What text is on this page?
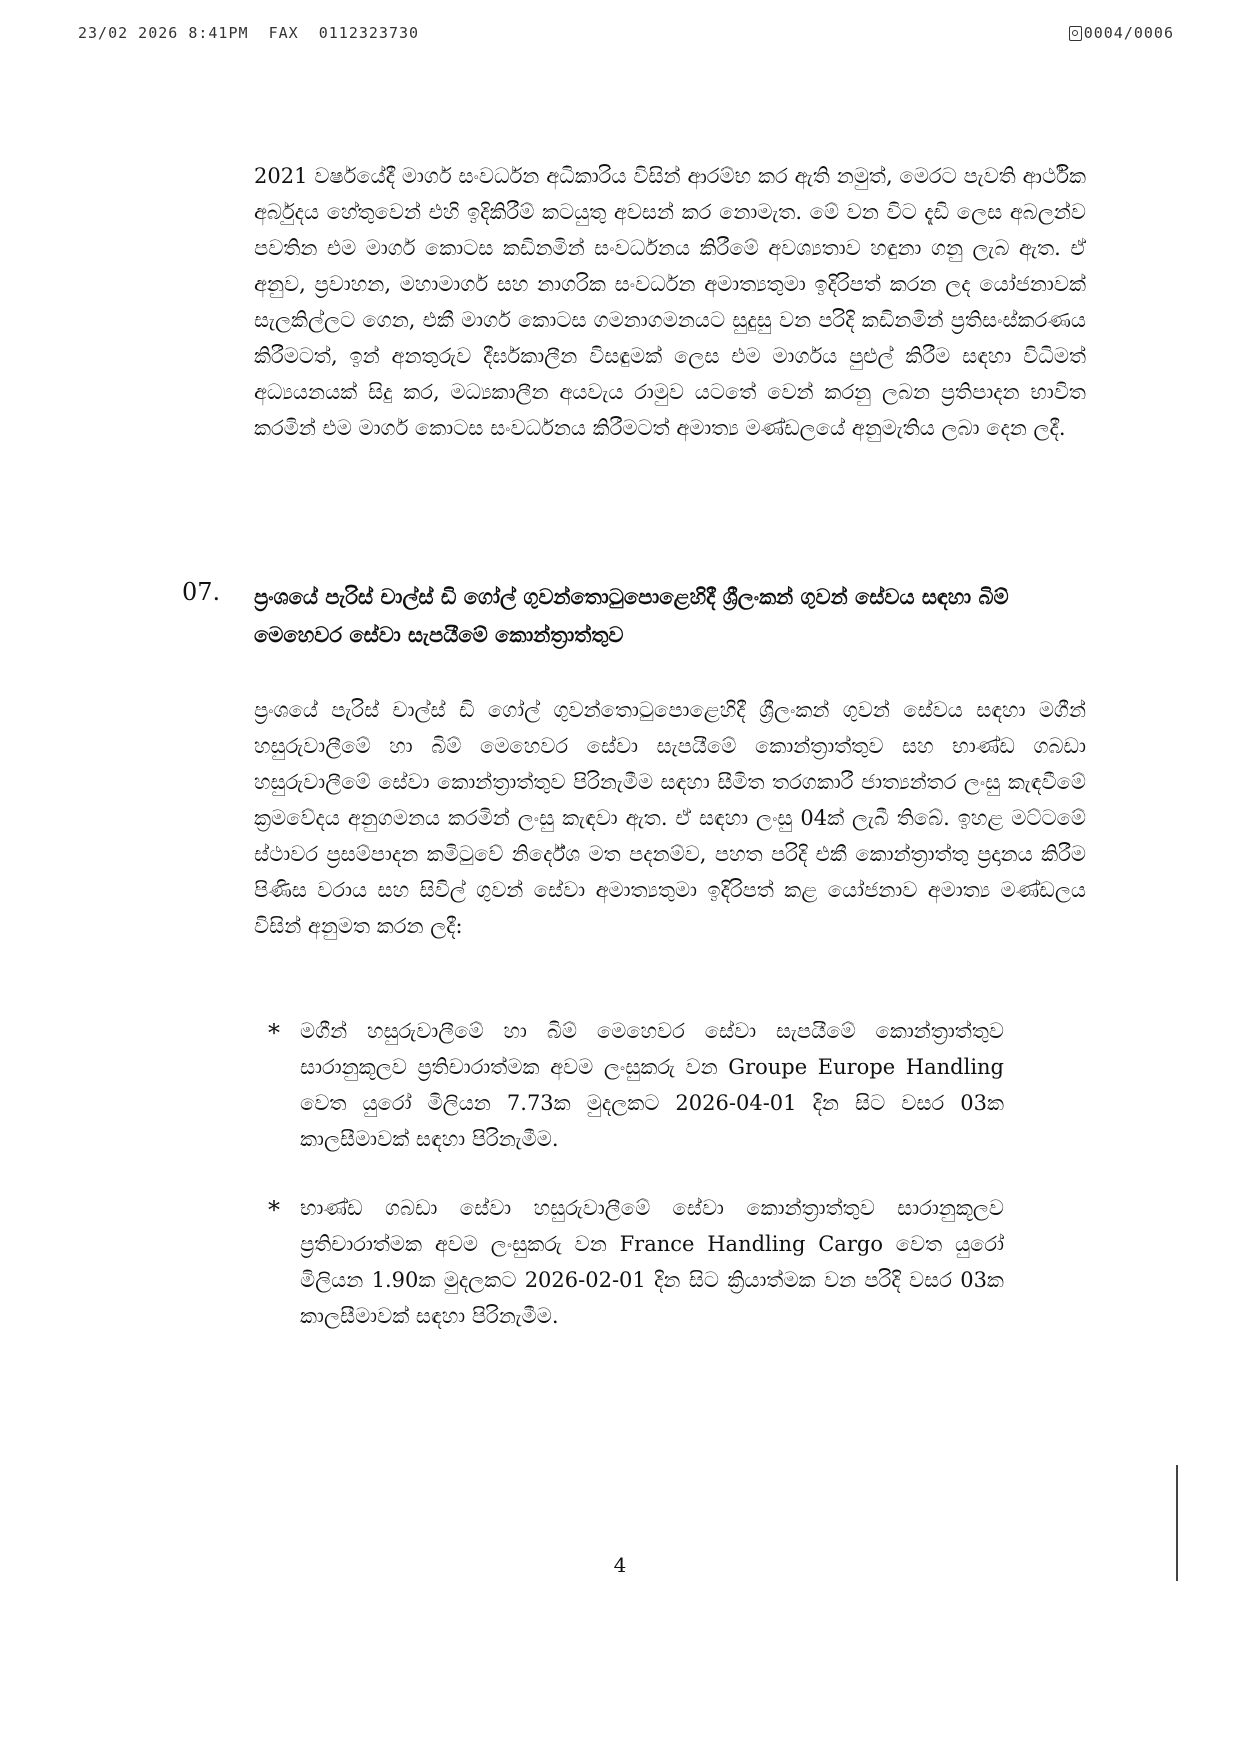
23/02 2026 8:41PM FAX 0112323730	0004/0006

2021 වර්ෂයේදී මාර්ග සංවර්ධන අධිකාරිය විසින් ආරම්භ කර ඇති නමුත්, මෙරට පැවති ආර්ථික අර්බුදය හේතුවෙන් එහි ඉදිකිරීම් කටයුතු අවසන් කර නොමැත. මේ වන විට දැඩි ලෙස අබලන්ව පවතින එම මාර්ග කොටස කඩිනමින් සංවර්ධනය කිරීමේ අවශ්‍යතාව හඳුනා ගනු ලැබ ඇත. ඒ අනුව, ප්‍රවාහන, මහාමාර්ග සහ නාගරික සංවර්ධන අමාත්‍යතුමා ඉදිරිපත් කරන ලද යෝජනාවක් සැලකිල්ලට ගෙන, එකී මාර්ග කොටස ගමනාගමනයට සුදුසු වන පරිදි කඩිනමින් ප්‍රතිසංස්කරණය කිරීමටත්, ඉන් අනතුරුව දීර්ඝකාලීන විසඳුමක් ලෙස එම මාර්ගය පුළුල් කිරීම සඳහා විධිමත් අධ්‍යයනයක් සිදු කර, මධ්‍යකාලීන අයවැය රාමුව යටතේ වෙන් කරනු ලබන ප්‍රතිපාදන භාවිත කරමින් එම මාර්ග කොටස සංවර්ධනය කිරීමටත් අමාත්‍ය මණ්ඩලයේ අනුමැතිය ලබා දෙන ලදී.

07. ප්‍රංශයේ පැරිස් චාල්ස් ඩි ගෝල් ගුවන්තොටුපොළෙහිදී ශ්‍රීලංකන් ගුවන් සේවය සඳහා බිම් මෙහෙවර සේවා සැපයීමේ කොන්ත්‍රාත්තුව

ප්‍රංශයේ පැරිස් චාල්ස් ඩි ගෝල් ගුවන්තොටුපොළෙහිදී ශ්‍රීලංකන් ගුවන් සේවය සඳහා මගීන් හසුරුවාලීමේ හා බිම් මෙහෙවර සේවා සැපයීමේ කොන්ත්‍රාත්තුව සහ භාණ්ඩ ගබඩා හසුරුවාලීමේ සේවා කොන්ත්‍රාත්තුව පිරිනැමීම සඳහා සීමිත තරගකාරී ජාත්‍යන්තර ලංසු කැඳවීමේ ක්‍රමවේදය අනුගමනය කරමින් ලංසු කැඳවා ඇත. ඒ සඳහා ලංසු 04ක් ලැබී තිබේ. ඉහළ මට්ටමේ ස්ථාවර ප්‍රසම්පාදන කමිටුවේ නිර්දේශ මත පදනම්ව, පහත පරිදි එකී කොන්ත්‍රාත්තු ප්‍රදානය කිරීම පිණිස වරාය සහ සිවිල් ගුවන් සේවා අමාත්‍යතුමා ඉදිරිපත් කළ යෝජනාව අමාත්‍ය මණ්ඩලය විසින් අනුමත කරන ලදී:

* මගීන් හසුරුවාලීමේ හා බිම් මෙහෙවර සේවා සැපයීමේ කොන්ත්‍රාත්තුව සාරානුකූලව ප්‍රතිචාරාත්මක අවම ලංසුකරු වන Groupe Europe Handling වෙත යුරෝ මිලියන 7.73ක මුදලකට 2026-04-01 දින සිට වසර 03ක කාලසීමාවක් සඳහා පිරිනැමීම.

* භාණ්ඩ ගබඩා සේවා හසුරුවාලීමේ සේවා කොන්ත්‍රාත්තුව සාරානුකූලව ප්‍රතිචාරාත්මක අවම ලංසුකරු වන France Handling Cargo වෙත යුරෝ මිලියන 1.90ක මුදලකට 2026-02-01 දින සිට ක්‍රියාත්මක වන පරිදි වසර 03ක කාලසීමාවක් සඳහා පිරිනැමීම.

4
